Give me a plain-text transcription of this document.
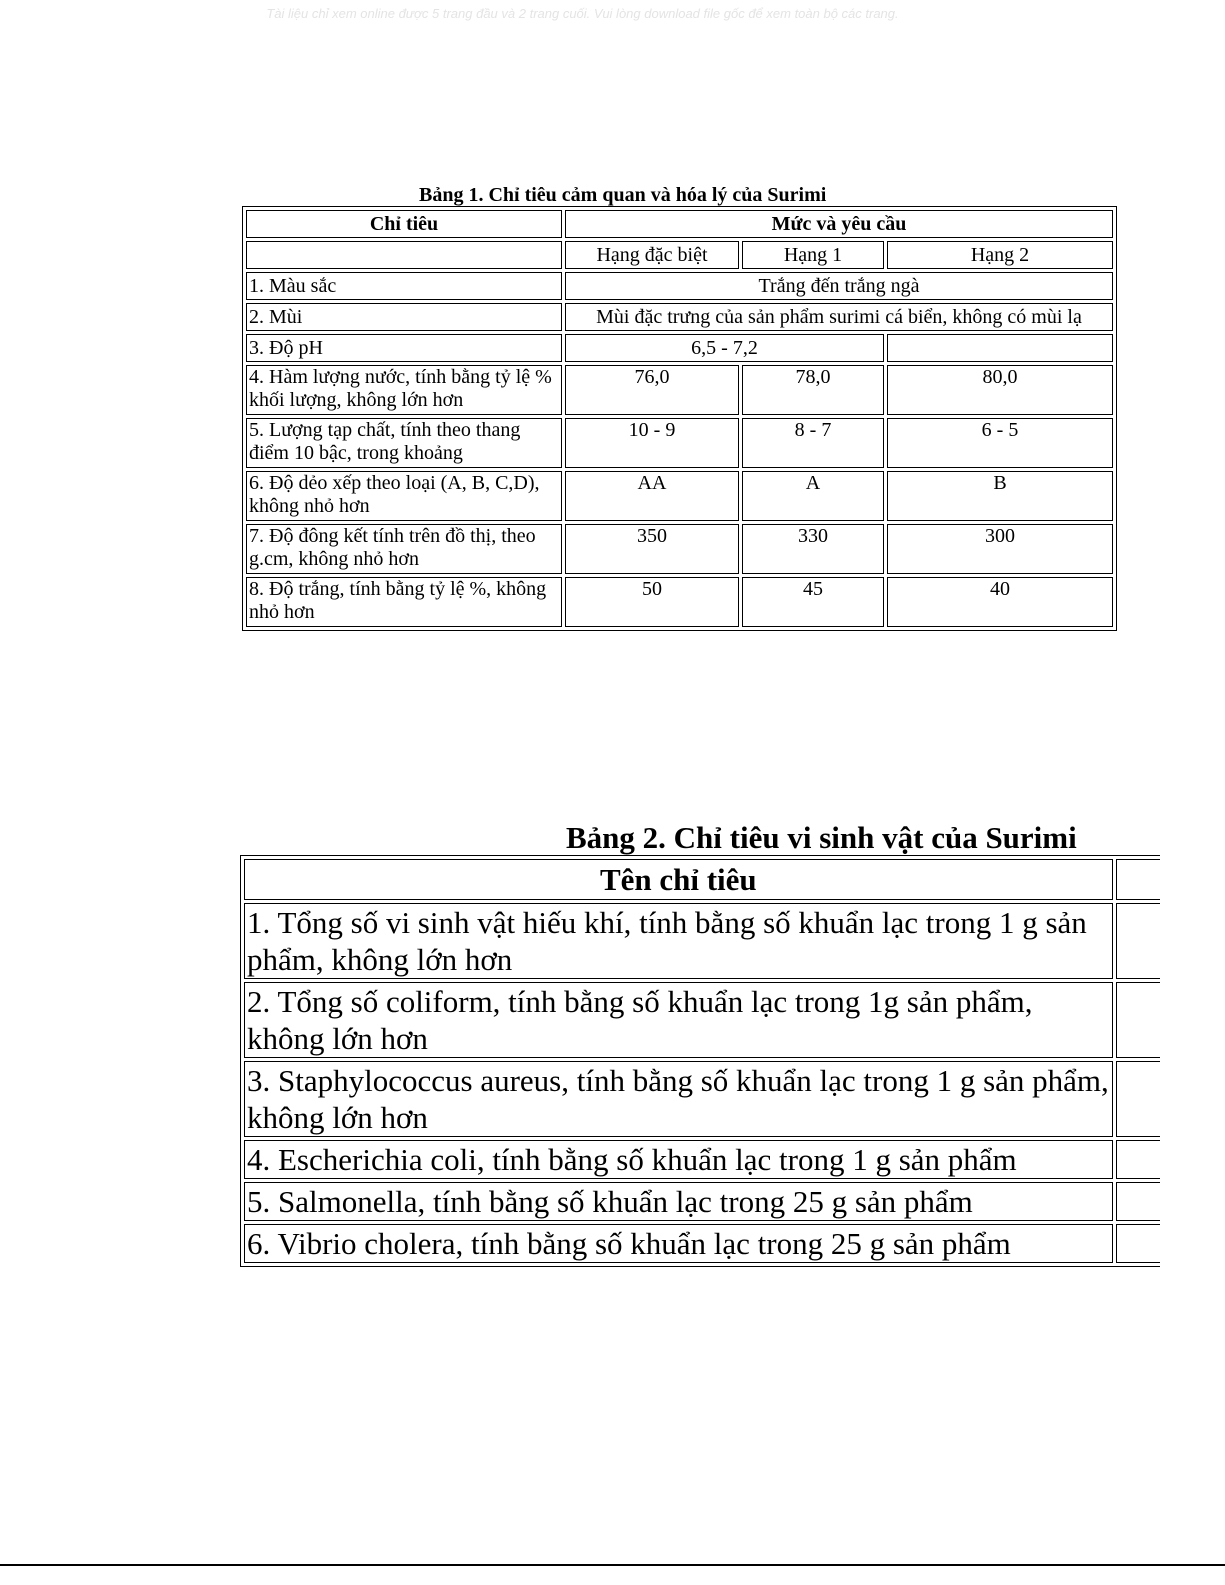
Tài liệu chỉ xem online được 5 trang đầu và 2 trang cuối. Vui lòng download file gốc để xem toàn bộ các trang.
Bảng 1. Chỉ tiêu cảm quan và hóa lý của Surimi
Chỉ tiêu	Mức và yêu cầu		
	Hạng đặc biệt	Hạng 1	Hạng 2
1. Màu sắc	Trắng đến trắng ngà		
2. Mùi	Mùi đặc trưng của sản phẩm surimi cá biển, không có mùi lạ		
3. Độ pH	6,5 - 7,2		
4. Hàm lượng nước, tính bằng tỷ lệ % khối lượng, không lớn hơn	76,0	78,0	80,0
5. Lượng tạp chất, tính theo thang điểm 10 bậc, trong khoảng	10 - 9	8 - 7	6 - 5
6. Độ dẻo xếp theo loại (A, B, C,D), không nhỏ hơn	AA	A	B
7. Độ đông kết tính trên đồ thị, theo g.cm, không nhỏ hơn	350	330	300
8. Độ trắng, tính bằng tỷ lệ %, không nhỏ hơn	50	45	40
Bảng 2. Chỉ tiêu vi sinh vật của Surimi
Tên chỉ tiêu	
1. Tổng số vi sinh vật hiếu khí, tính bằng số khuẩn lạc trong 1 g sản phẩm, không lớn hơn	
2. Tổng số coliform, tính bằng số khuẩn lạc trong 1g sản phẩm, không lớn hơn	
3. Staphylococcus aureus, tính bằng số khuẩn lạc trong 1 g sản phẩm, không lớn hơn	
4. Escherichia coli, tính bằng số khuẩn lạc trong 1 g sản phẩm	
5. Salmonella, tính bằng số khuẩn lạc trong 25 g sản phẩm	
6. Vibrio cholera, tính bằng số khuẩn lạc trong 25 g sản phẩm	
